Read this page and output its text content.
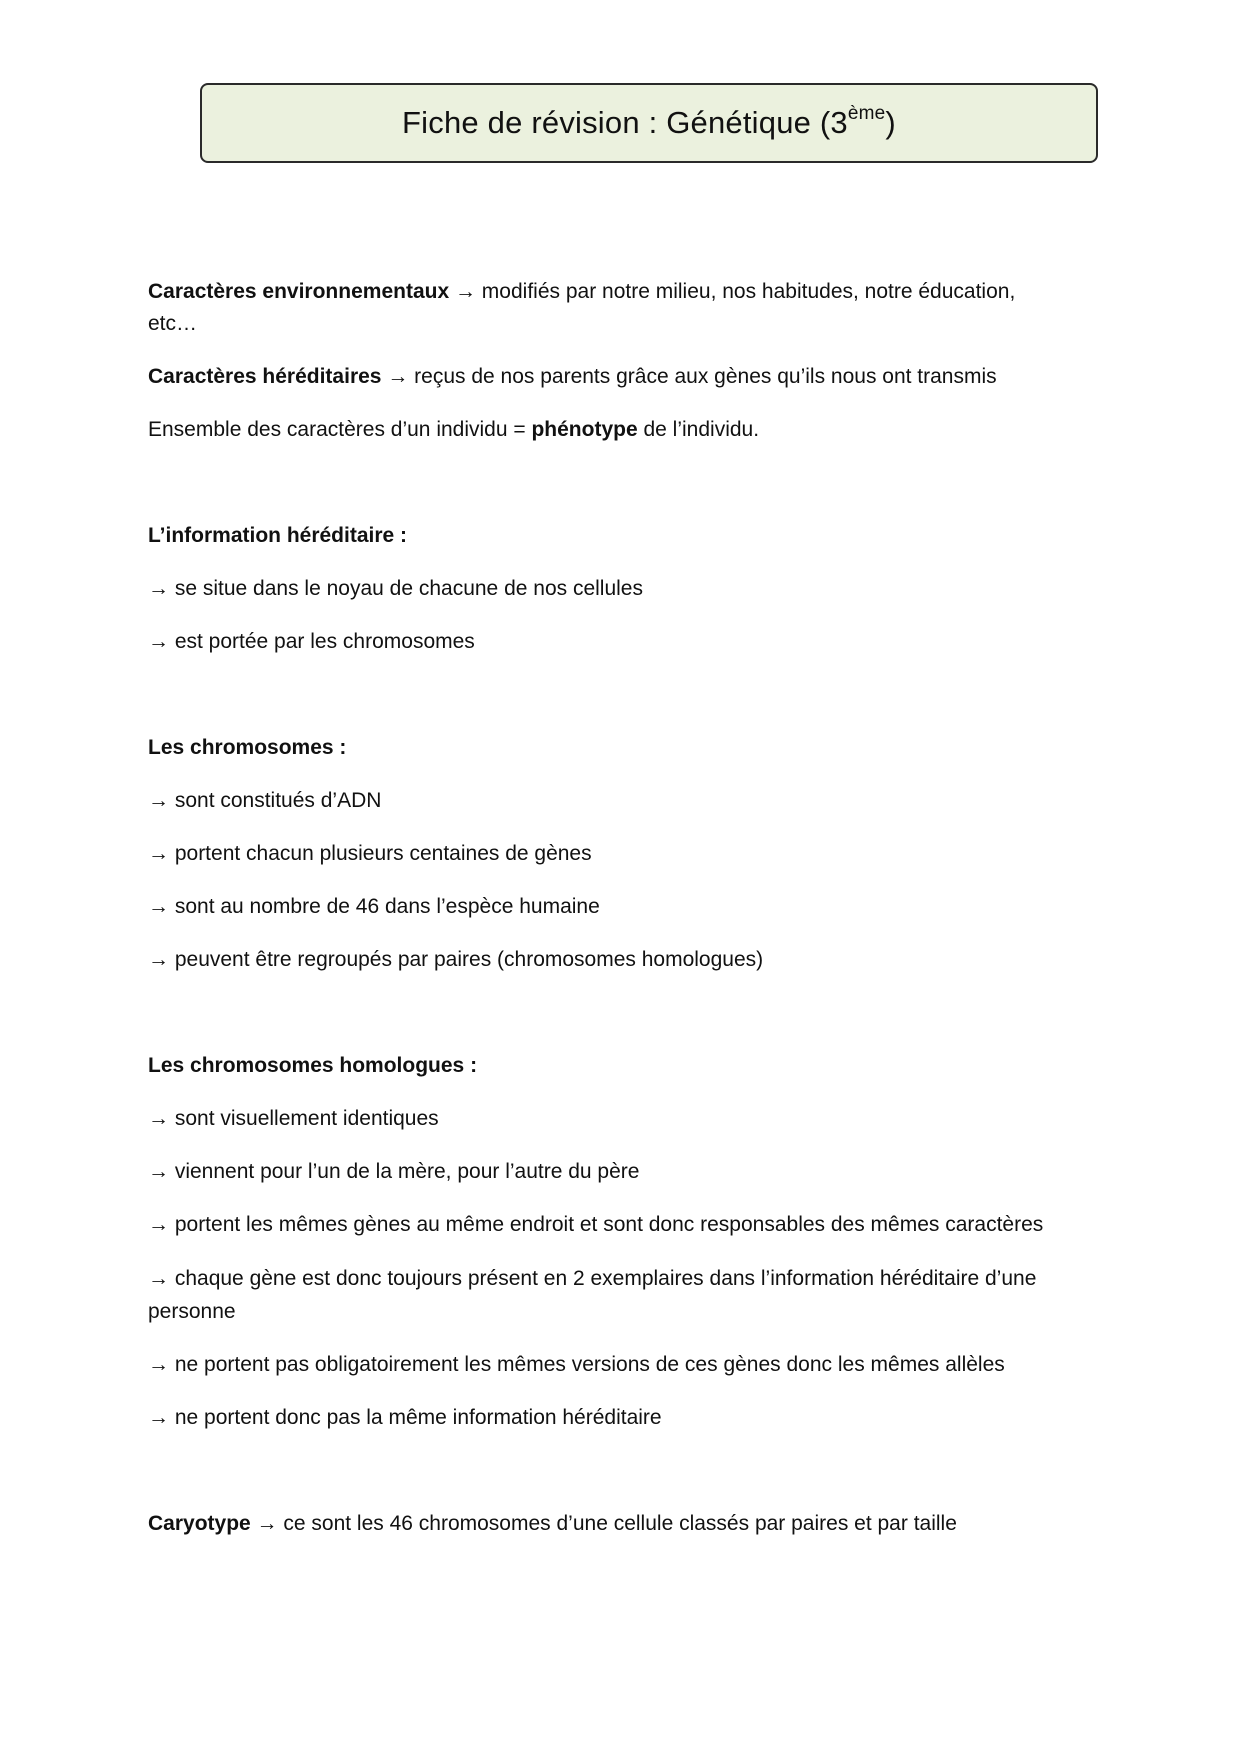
Fiche de révision : Génétique (3ème)

Caractères environnementaux → modifiés par notre milieu, nos habitudes, notre éducation, etc…

Caractères héréditaires → reçus de nos parents grâce aux gènes qu’ils nous ont transmis

Ensemble des caractères d’un individu = phénotype de l’individu.

L’information héréditaire :

→ se situe dans le noyau de chacune de nos cellules

→ est portée par les chromosomes

Les chromosomes :

→ sont constitués d’ADN

→ portent chacun plusieurs centaines de gènes

→ sont au nombre de 46 dans l’espèce humaine

→ peuvent être regroupés par paires (chromosomes homologues)

Les chromosomes homologues :

→ sont visuellement identiques

→ viennent pour l’un de la mère, pour l’autre du père

→ portent les mêmes gènes au même endroit et sont donc responsables des mêmes caractères

→ chaque gène est donc toujours présent en 2 exemplaires dans l’information héréditaire d’une personne

→ ne portent pas obligatoirement les mêmes versions de ces gènes donc les mêmes allèles

→ ne portent donc pas la même information héréditaire

Caryotype → ce sont les 46 chromosomes d’une cellule classés par paires et par taille
